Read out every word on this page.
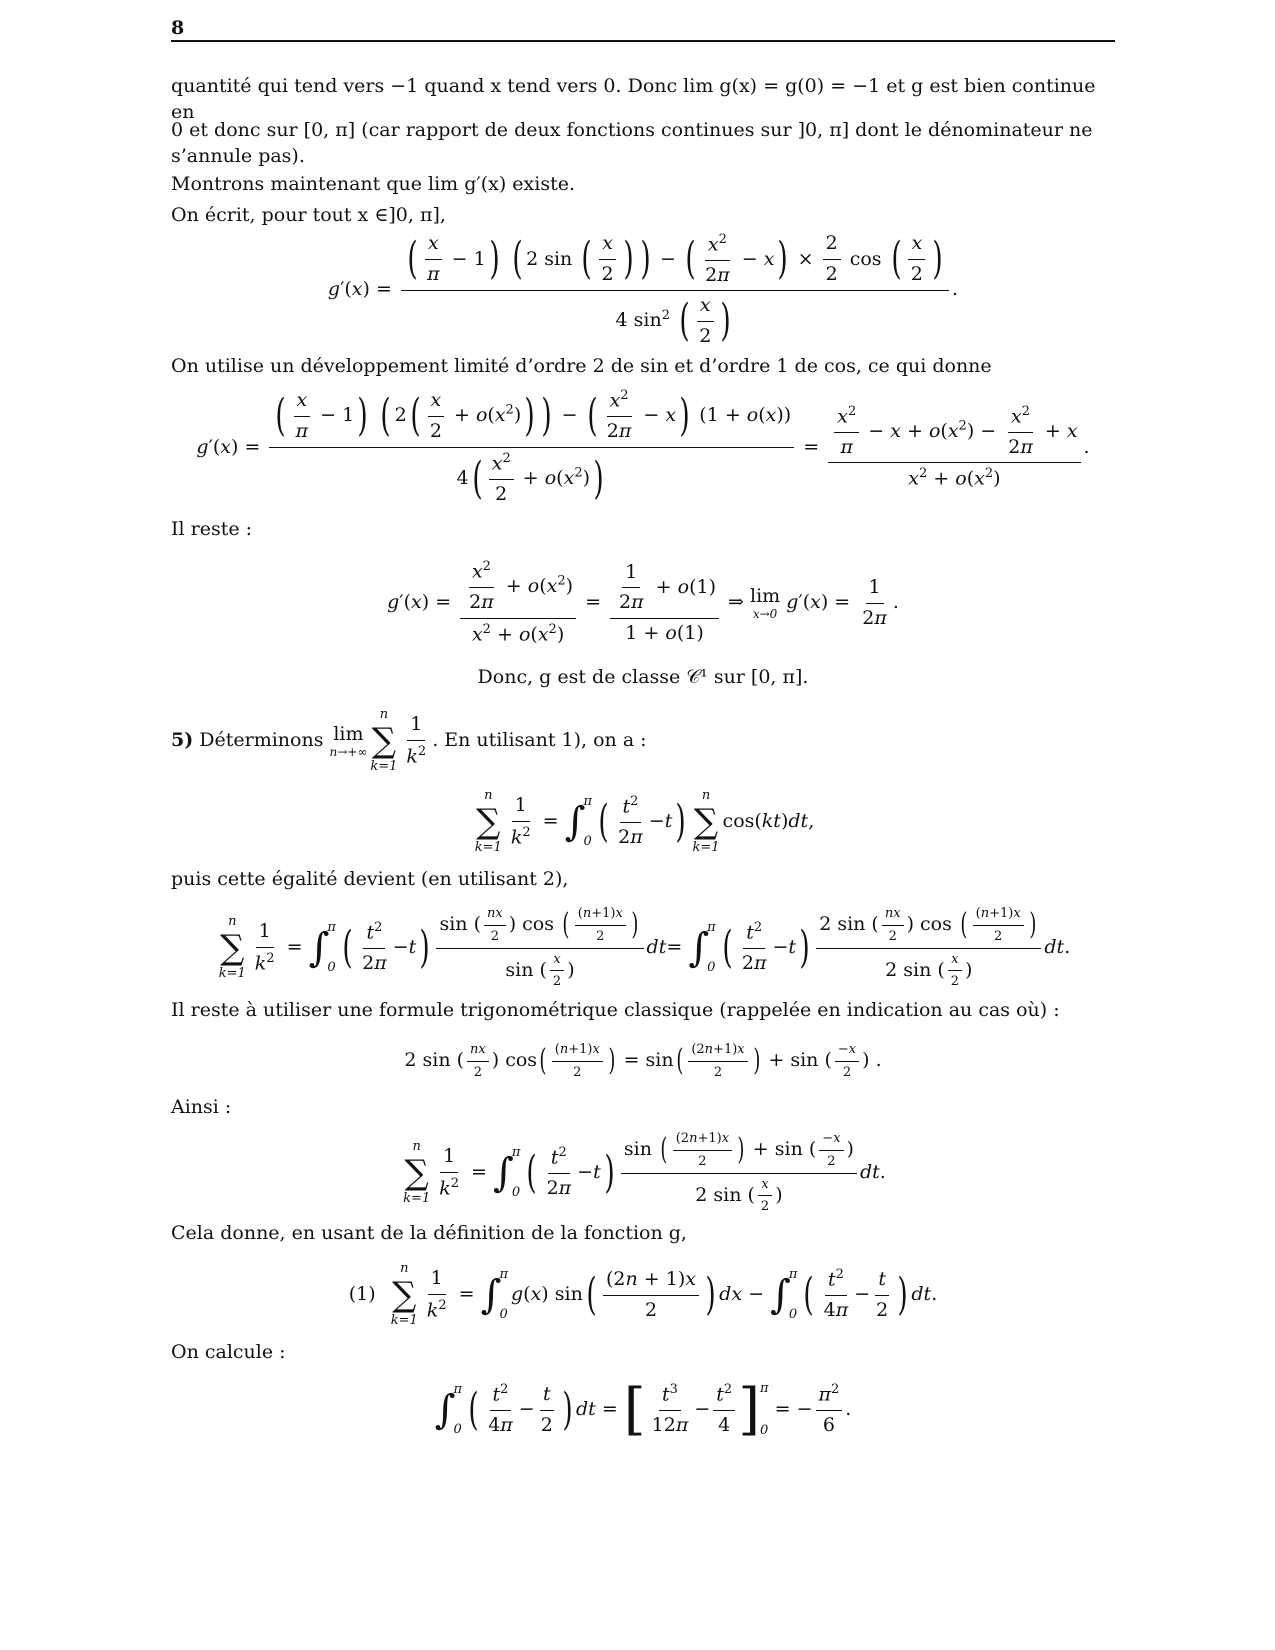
8
quantité qui tend vers −1 quand x tend vers 0. Donc lim g(x) = g(0) = −1 et g est bien continue en
0 et donc sur [0, π] (car rapport de deux fonctions continues sur ]0, π] dont le dénominateur ne s’annule pas).
Montrons maintenant que lim g′(x) existe.
On écrit, pour tout x ∈]0, π],
g ′( x ) =
( $\frac{x}{\pi} - 1$) ( 2 sin ( $\frac{x}{2}$ ) ) − ( $\frac{x^2}{2\pi} - x) \times \frac{2}{2}$ cos ( $\frac{x}{2}$ )
4 $\sin^2$ ( $\frac{x}{2}$ )
.
On utilise un développement limité d’ordre 2 de sin et d’ordre 1 de cos, ce qui donne
g ′( x ) =
( $\frac{x}{\pi} - 1$) ( $2( \frac{x}{2} + o(x^2))$ ) − ( $\frac{x^2}{2\pi} - x$) (1 + o(x))
$4( \frac{x^2}{2} + o(x^2))$
= $\frac{\frac{x^2}{\pi} - x + o(x^2) - \frac{x^2}{2\pi} + x}{x^2 + o(x^2)}$ .
Il reste :
g ′( x ) = $\frac{\frac{x^2}{2\pi} + o(x^2)}{x^2 + o(x^2)} = \frac{\frac{1}{2\pi} + o(1)}{1 + o(1)}$ ⇒ lim
x→0

g ′( x ) = $\frac{1}{2\pi}$ .
Donc, g est de classe 𝒞¹ sur [0, π].
5)
Déterminons
lim
n→+∞
n
∑
$k=1 \frac{1}{k^2}$ . En utilisant 1), on a :
n
∑
$k=1 \frac{1}{k^2}$ = ∫
π
0 ( $\frac{t^2}{2\pi} - t$ )
n
∑
k=1
cos( kt ) dt ,
puis cette égalité devient (en utilisant 2),
n
∑
$k=1 \frac{1}{k^2}$ = ∫
π
0 ( $\frac{t^2}{2\pi} - t$ ) $\frac{\sin ( \frac{nx}{2} ) \cos ( \frac{(n+1)x}{2} )}{\sin ( \frac{x}{2} )}$ dt = ∫
π
0 ( $\frac{t^2}{2\pi} - t$ ) $\frac{2 \sin ( \frac{nx}{2} ) \cos ( \frac{(n+1)x}{2} )}{2 \sin ( \frac{x}{2} )}$ dt .
Il reste à utiliser une formule trigonométrique classique (rappelée en indication au cas où) :
2 sin ( $\frac{nx}{2}$ ) cos ( $\frac{(n+1)x}{2}$ ) = sin ( $\frac{(2n+1)x}{2}$ ) + sin ( $\frac{-x}{2}$ ) .
Ainsi :
n
∑
$k=1 \frac{1}{k^2}$ = ∫
π
0 ( $\frac{t^2}{2\pi} - t$ ) $\frac{\sin ( \frac{(2n+1)x}{2} ) + \sin ( \frac{-x}{2} )}{2 \sin ( \frac{x}{2} )}$ dt .
Cela donne, en usant de la définition de la fonction g,
(1)

n
∑
$k=1 \frac{1}{k^2}$ = ∫
π
0
g ( x ) sin ( $\frac{(2n + 1)x}{2}$ ) dx − ∫
π
0 ( $\frac{t^2}{4\pi} - \frac{t}{2}$ ) dt .
On calcule :
∫
π
0 ( $\frac{t^2}{4\pi} - \frac{t}{2}$ ) dt = [ $\frac{t^3}{12\pi} - \frac{t^2}{4}$ ] π
0
= − $\frac{\pi^2}{6}$ .
